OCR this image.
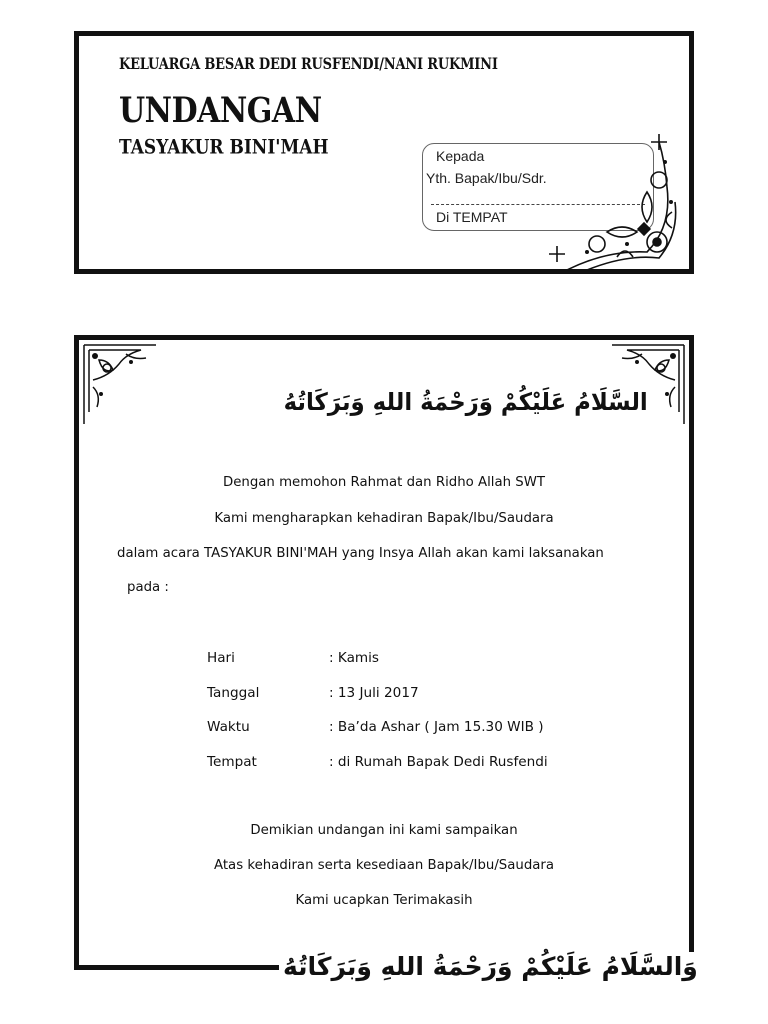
KELUARGA BESAR DEDI RUSFENDI/NANI RUKMINI
UNDANGAN
TASYAKUR BINI'MAH	Kepada
Yth. Bapak/Ibu/Sdr.
Di TEMPAT
السَّلَامُ عَلَيْكُمْ وَرَحْمَةُ اللهِ وَبَرَكَاتُهُ
Dengan memohon Rahmat dan Ridho Allah SWT
Kami mengharapkan kehadiran Bapak/Ibu/Saudara
dalam acara TASYAKUR BINI'MAH yang Insya Allah akan kami laksanakan
pada :
Hari	: Kamis
Tanggal	: 13 Juli 2017
Waktu	: Ba’da Ashar ( Jam 15.30 WIB )
Tempat	: di Rumah Bapak Dedi Rusfendi
Demikian undangan ini kami sampaikan
Atas kehadiran serta kesediaan Bapak/Ibu/Saudara
Kami ucapkan Terimakasih
وَالسَّلَامُ عَلَيْكُمْ وَرَحْمَةُ اللهِ وَبَرَكَاتُهُ
